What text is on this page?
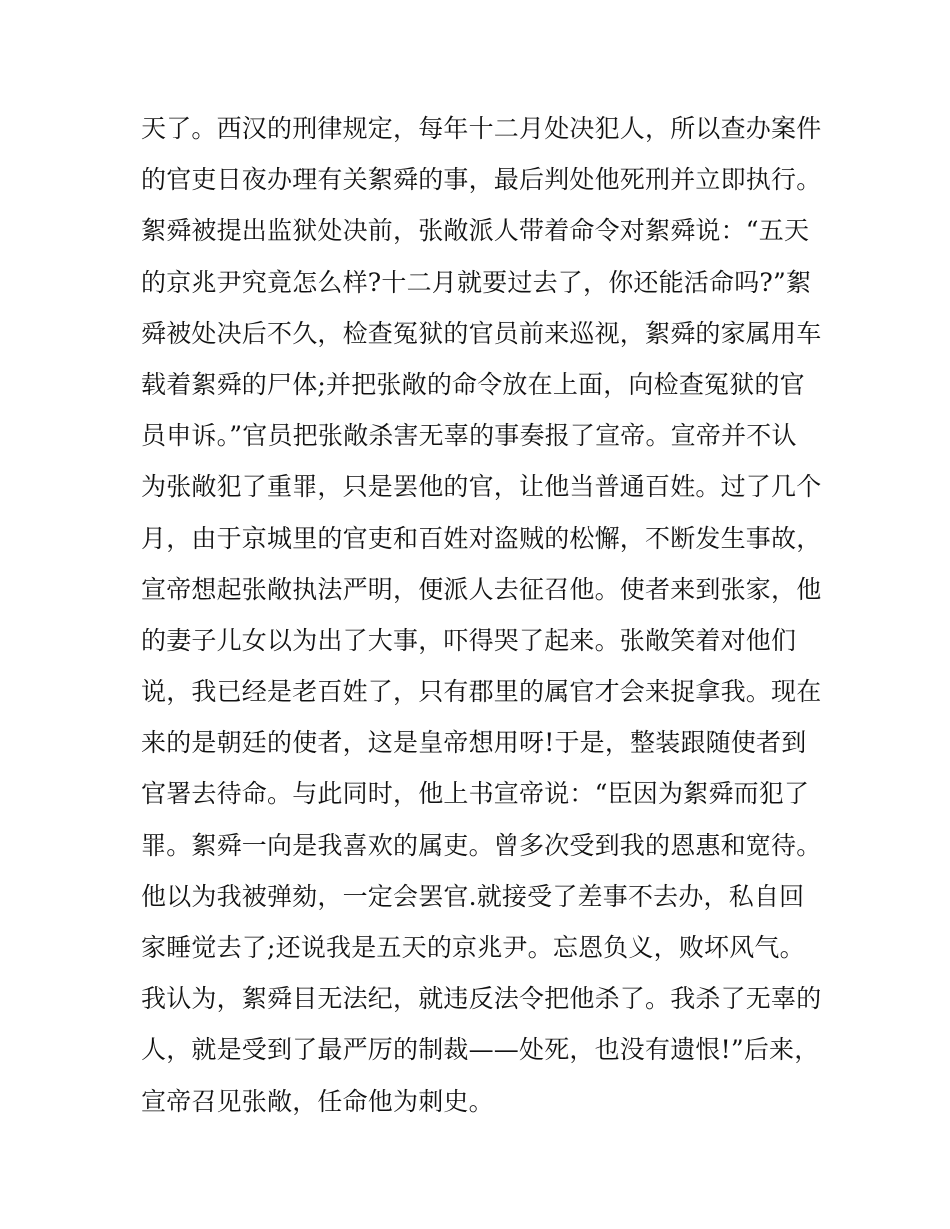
天了。西汉的刑律规定，每年十二月处决犯人，所以查办案件
的官吏日夜办理有关絮舜的事，最后判处他死刑并立即执行。
絮舜被提出监狱处决前，张敞派人带着命令对絮舜说：“五天
的京兆尹究竟怎么样?十二月就要过去了，你还能活命吗?”絮
舜被处决后不久，检查冤狱的官员前来巡视，絮舜的家属用车
载着絮舜的尸体;并把张敞的命令放在上面，向检查冤狱的官
员申诉。”官员把张敞杀害无辜的事奏报了宣帝。宣帝并不认
为张敞犯了重罪，只是罢他的官，让他当普通百姓。过了几个
月，由于京城里的官吏和百姓对盗贼的松懈，不断发生事故，
宣帝想起张敞执法严明，便派人去征召他。使者来到张家，他
的妻子儿女以为出了大事，吓得哭了起来。张敞笑着对他们
说，我已经是老百姓了，只有郡里的属官才会来捉拿我。现在
来的是朝廷的使者，这是皇帝想用呀!于是，整装跟随使者到
官署去待命。与此同时，他上书宣帝说：“臣因为絮舜而犯了
罪。絮舜一向是我喜欢的属吏。曾多次受到我的恩惠和宽待。
他以为我被弹劾，一定会罢官.就接受了差事不去办，私自回
家睡觉去了;还说我是五天的京兆尹。忘恩负义，败坏风气。
我认为，絮舜目无法纪，就违反法令把他杀了。我杀了无辜的
人，就是受到了最严厉的制裁——处死，也没有遗恨!”后来，
宣帝召见张敞，任命他为刺史。
